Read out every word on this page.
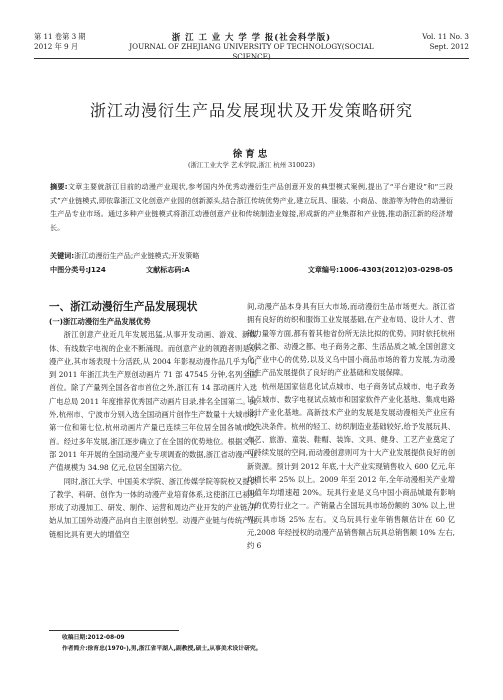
第 11 卷第 3 期
2012 年 9 月
浙 江 工 业 大 学 学 报(社会科学版)
JOURNAL OF ZHEJIANG UNIVERSITY OF TECHNOLOGY(SOCIAL SCIENCE)
Vol. 11 No. 3
Sept. 2012
浙江动漫衍生产品发展现状及开发策略研究
徐育忠
(浙江工业大学 艺术学院,浙江 杭州 310023)
摘要:文章主要就浙江目前的动漫产业现状,参考国内外优秀动漫衍生产品创意开发的典型模式案例,提出了“平台建设”和“三段式”产业链模式,即依靠浙江文化创意产业园的创新源头,结合浙江传统优势产业,建立玩具、服装、小商品、旅游等为特色的动漫衍生产品专业市场。通过多种产业链模式将浙江动漫创意产业和传统制造业嫁接,形成新的产业集群和产业链,推动浙江新的经济增长。
关键词:浙江动漫衍生产品;产业链模式;开发策略
中图分类号:J124	文献标志码:A	文章编号:1006-4303(2012)03-0298-05

一、浙江动漫衍生产品发展现状

(一)浙江动漫衍生产品发展优势

浙江创意产业近几年发展迅猛,从事开发动画、游戏、新媒体、有线数字电视的企业不断涌现。而创意产业的领跑者则是动漫产业,其市场表现十分活跃,从 2004 年影视动漫作品几乎为 0,到 2011 年浙江共生产原创动画片 71 部 47545 分钟,名列全国首位。除了产量列全国各省市首位之外,浙江有 14 部动画片入选广电总局 2011 年度推荐优秀国产动画片目录,排名全国第二。此外,杭州市、宁波市分别入选全国动画片创作生产数量十大城市的第一位和第七位,杭州动画片产量已连续三年位居全国各城市之首。经过多年发展,浙江逐步确立了在全国的优势地位。根据文化部 2011 年开展的全国动漫产业专项调查的数据,浙江省动漫产业产值规模为 34.98 亿元,位居全国第六位。

同时,浙江大学、中国美术学院、浙江传媒学院等院校又提供了教学、科研、创作为一体的动漫产业培育体系,这使浙江已初步形成了动漫加工、研发、制作、运营和周边产业开发的产业链,开始从加工国外动漫产品向自主原创转型。动漫产业链与传统产业链相比具有更大的增值空

间,动漫产品本身具有巨大市场,而动漫衍生品市场更大。浙江省拥有良好的纺织和服饰工业发展基础,在产业布局、设计人才、营销力量等方面,都有着其他省份所无法比拟的优势。同时依托杭州女装之都、动漫之都、电子商务之都、生活品质之城,全国创意文化产业中心的优势,以及义乌中国小商品市场的着力发展,为动漫衍生产品发展提供了良好的产业基础和发展保障。

杭州是国家信息化试点城市、电子商务试点城市、电子政务试点城市、数字电视试点城市和国家软件产业化基地、集成电路设计产业化基地。高新技术产业的发展是发展动漫相关产业应有的先决条件。杭州的轻工、纺织制造业基础较好,给予发展玩具、布艺、旅游、童装、鞋帽、装饰、文具、健身、工艺产业奠定了可持续发展的空间,而动漫创意则可为十大产业发展提供良好的创新资源。预计到 2012 年底,十大产业实现销售收入 600 亿元,年均增长率 25% 以上。2009 年至 2012 年,全年动漫相关产业增加值年均增速超 20%。玩具行业是义乌中国小商品城最有影响力的优势行业之一。产销量占全国玩具市场份额的 30% 以上,世界玩具市场 25% 左右。义乌玩具行业年销售额估计在 60 亿元,2008 年经授权的动漫产品销售额占玩具总销售额 10% 左右,约 6

收稿日期:2012-08-09
作者简介:徐育忠(1970-),男,浙江省平湖人,副教授,硕士,从事美术设计研究。
